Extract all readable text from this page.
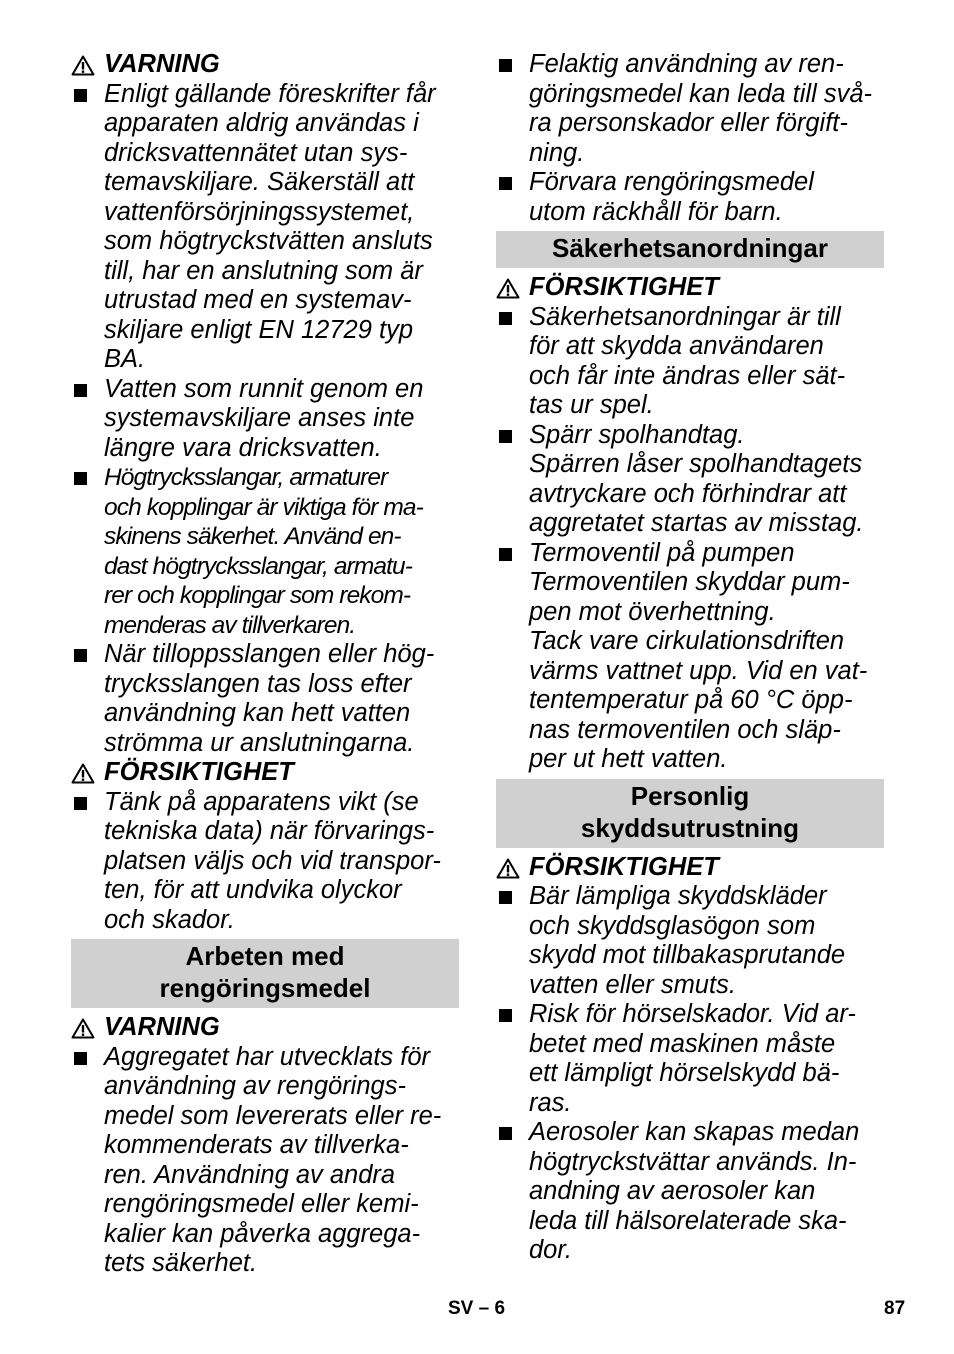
VARNING
Enligt gällande föreskrifter får
apparaten aldrig användas i
dricksvattennätet utan sys-
temavskiljare. Säkerställ att
vattenförsörjningssystemet,
som högtryckstvätten ansluts
till, har en anslutning som är
utrustad med en systemav-
skiljare enligt EN 12729 typ
BA.
Vatten som runnit genom en
systemavskiljare anses inte
längre vara dricksvatten.
Högtrycksslangar, armaturer
och kopplingar är viktiga för ma-
skinens säkerhet. Använd en-
dast högtrycksslangar, armatu-
rer och kopplingar som rekom-
menderas av tillverkaren.
När tilloppsslangen eller hög-
trycksslangen tas loss efter
användning kan hett vatten
strömma ur anslutningarna.
FÖRSIKTIGHET
Tänk på apparatens vikt (se
tekniska data) när förvarings-
platsen väljs och vid transpor-
ten, för att undvika olyckor
och skador.
Arbeten med
rengöringsmedel
VARNING
Aggregatet har utvecklats för
användning av rengörings-
medel som levererats eller re-
kommenderats av tillverka-
ren. Användning av andra
rengöringsmedel eller kemi-
kalier kan påverka aggrega-
tets säkerhet.
Felaktig användning av ren-
göringsmedel kan leda till svå-
ra personskador eller förgift-
ning.
Förvara rengöringsmedel
utom räckhåll för barn.
Säkerhetsanordningar
FÖRSIKTIGHET
Säkerhetsanordningar är till
för att skydda användaren
och får inte ändras eller sät-
tas ur spel.
Spärr spolhandtag.
Spärren låser spolhandtagets
avtryckare och förhindrar att
aggretatet startas av misstag.
Termoventil på pumpen
Termoventilen skyddar pum-
pen mot överhettning.
Tack vare cirkulationsdriften
värms vattnet upp. Vid en vat-
tentemperatur på 60 °C öpp-
nas termoventilen och släp-
per ut hett vatten.
Personlig
skyddsutrustning
FÖRSIKTIGHET
Bär lämpliga skyddskläder
och skyddsglasögon som
skydd mot tillbakasprutande
vatten eller smuts.
Risk för hörselskador. Vid ar-
betet med maskinen måste
ett lämpligt hörselskydd bä-
ras.
Aerosoler kan skapas medan
högtryckstvättar används. In-
andning av aerosoler kan
leda till hälsorelaterade ska-
dor.
SV – 6	87
